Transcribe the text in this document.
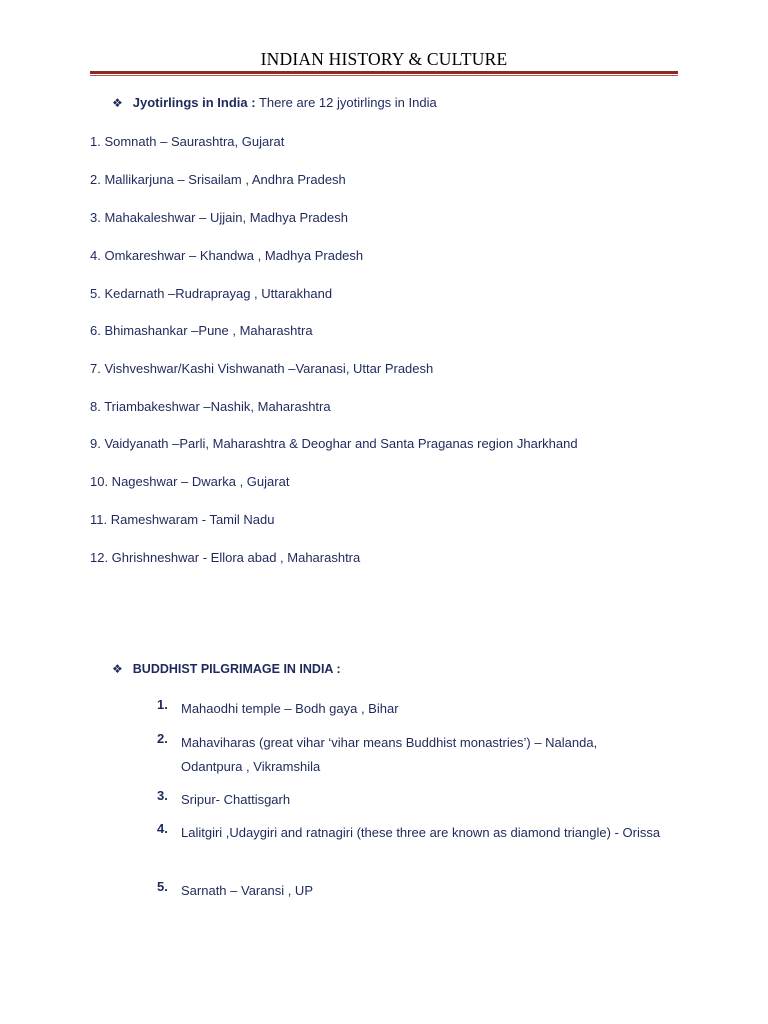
INDIAN HISTORY & CULTURE
❖ Jyotirlings in India : There are 12 jyotirlings in India
1. Somnath – Saurashtra, Gujarat
2. Mallikarjuna – Srisailam , Andhra Pradesh
3. Mahakaleshwar – Ujjain, Madhya Pradesh
4. Omkareshwar – Khandwa , Madhya Pradesh
5. Kedarnath –Rudraprayag , Uttarakhand
6. Bhimashankar –Pune , Maharashtra
7. Vishveshwar/Kashi Vishwanath –Varanasi, Uttar Pradesh
8. Triambakeshwar –Nashik, Maharashtra
9. Vaidyanath –Parli, Maharashtra & Deoghar and Santa Praganas region Jharkhand
10. Nageshwar – Dwarka , Gujarat
11. Rameshwaram - Tamil Nadu
12. Ghrishneshwar - Ellora abad , Maharashtra
❖ BUDDHIST PILGRIMAGE IN INDIA :
1. Mahaodhi temple – Bodh gaya , Bihar
2. Mahaviharas (great vihar ‘vihar means Buddhist monastries’) – Nalanda, Odantpura , Vikramshila
3. Sripur- Chattisgarh
4. Lalitgiri ,Udaygiri and ratnagiri (these three are known as diamond triangle) - Orissa
5. Sarnath – Varansi , UP
